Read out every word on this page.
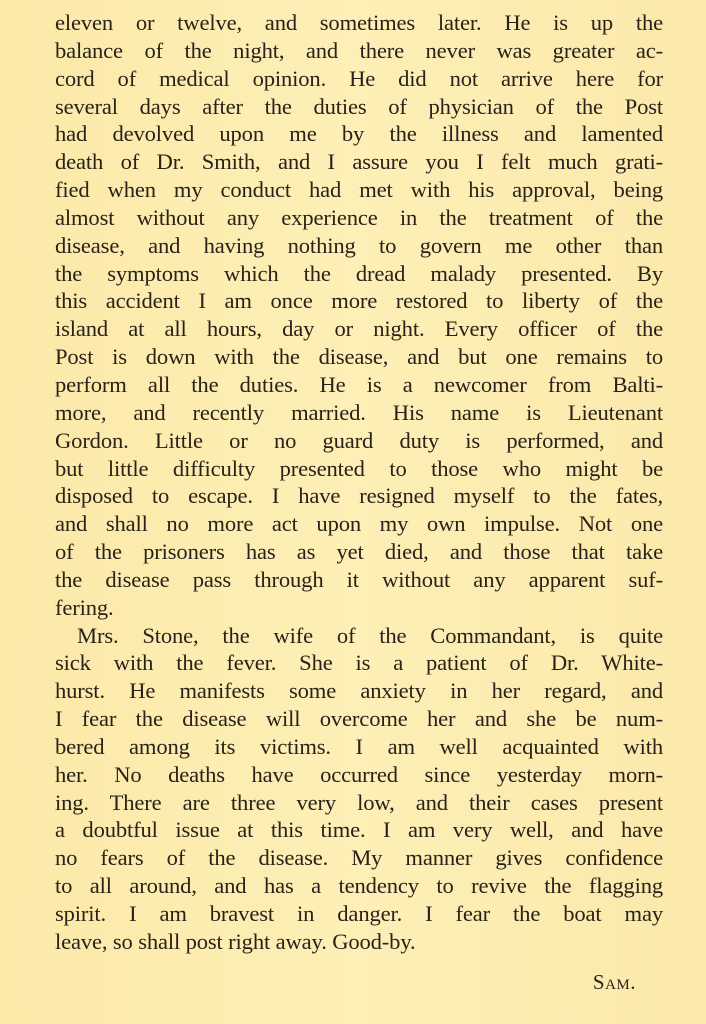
eleven or twelve, and sometimes later. He is up the
balance of the night, and there never was greater ac-
cord of medical opinion. He did not arrive here for
several days after the duties of physician of the Post
had devolved upon me by the illness and lamented
death of Dr. Smith, and I assure you I felt much grati-
fied when my conduct had met with his approval, being
almost without any experience in the treatment of the
disease, and having nothing to govern me other than
the symptoms which the dread malady presented. By
this accident I am once more restored to liberty of the
island at all hours, day or night. Every officer of the
Post is down with the disease, and but one remains to
perform all the duties. He is a newcomer from Balti-
more, and recently married. His name is Lieutenant
Gordon. Little or no guard duty is performed, and
but little difficulty presented to those who might be
disposed to escape. I have resigned myself to the fates,
and shall no more act upon my own impulse. Not one
of the prisoners has as yet died, and those that take
the disease pass through it without any apparent suf-
fering.
Mrs. Stone, the wife of the Commandant, is quite
sick with the fever. She is a patient of Dr. White-
hurst. He manifests some anxiety in her regard, and
I fear the disease will overcome her and she be num-
bered among its victims. I am well acquainted with
her. No deaths have occurred since yesterday morn-
ing. There are three very low, and their cases present
a doubtful issue at this time. I am very well, and have
no fears of the disease. My manner gives confidence
to all around, and has a tendency to revive the flagging
spirit. I am bravest in danger. I fear the boat may
leave, so shall post right away. Good-by.
Sam.
